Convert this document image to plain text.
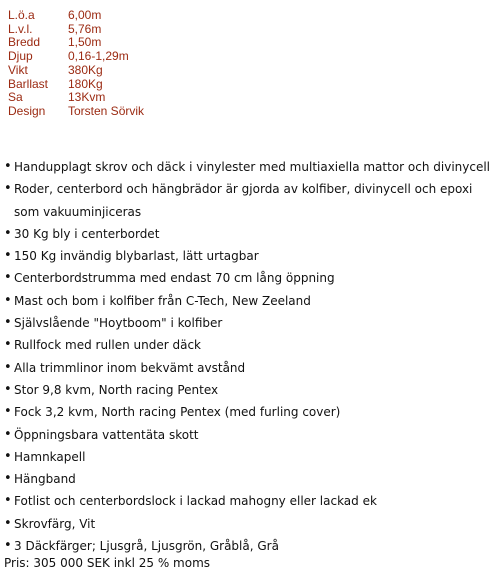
L.ö.a	6,00m
L.v.l.	5,76m
Bredd	1,50m
Djup	0,16-1,29m
Vikt	380Kg
Barllast	180Kg
Sa	13Kvm
Design	Torsten Sörvik
• Handupplagt skrov och däck i vinylester med multiaxiella mattor och divinycell
• Roder, centerbord och hängbrädor är gjorda av kolfiber, divinycell och epoxi som vakuuminjiceras
• 30 Kg bly i centerbordet
• 150 Kg invändig blybarlast, lätt urtagbar
• Centerbordstrumma med endast 70 cm lång öppning
• Mast och bom i kolfiber från C-Tech, New Zeeland
• Självslående "Hoytboom" i kolfiber
• Rullfock med rullen under däck
• Alla trimmlinor inom bekvämt avstånd
• Stor 9,8 kvm, North racing Pentex
• Fock 3,2 kvm, North racing Pentex (med furling cover)
• Öppningsbara vattentäta skott
• Hamnkapell
• Hängband
• Fotlist och centerbordslock i lackad mahogny eller lackad ek
• Skrovfärg, Vit
• 3 Däckfärger; Ljusgrå, Ljusgrön, Gråblå, Grå
Pris: 305 000 SEK inkl 25 % moms
